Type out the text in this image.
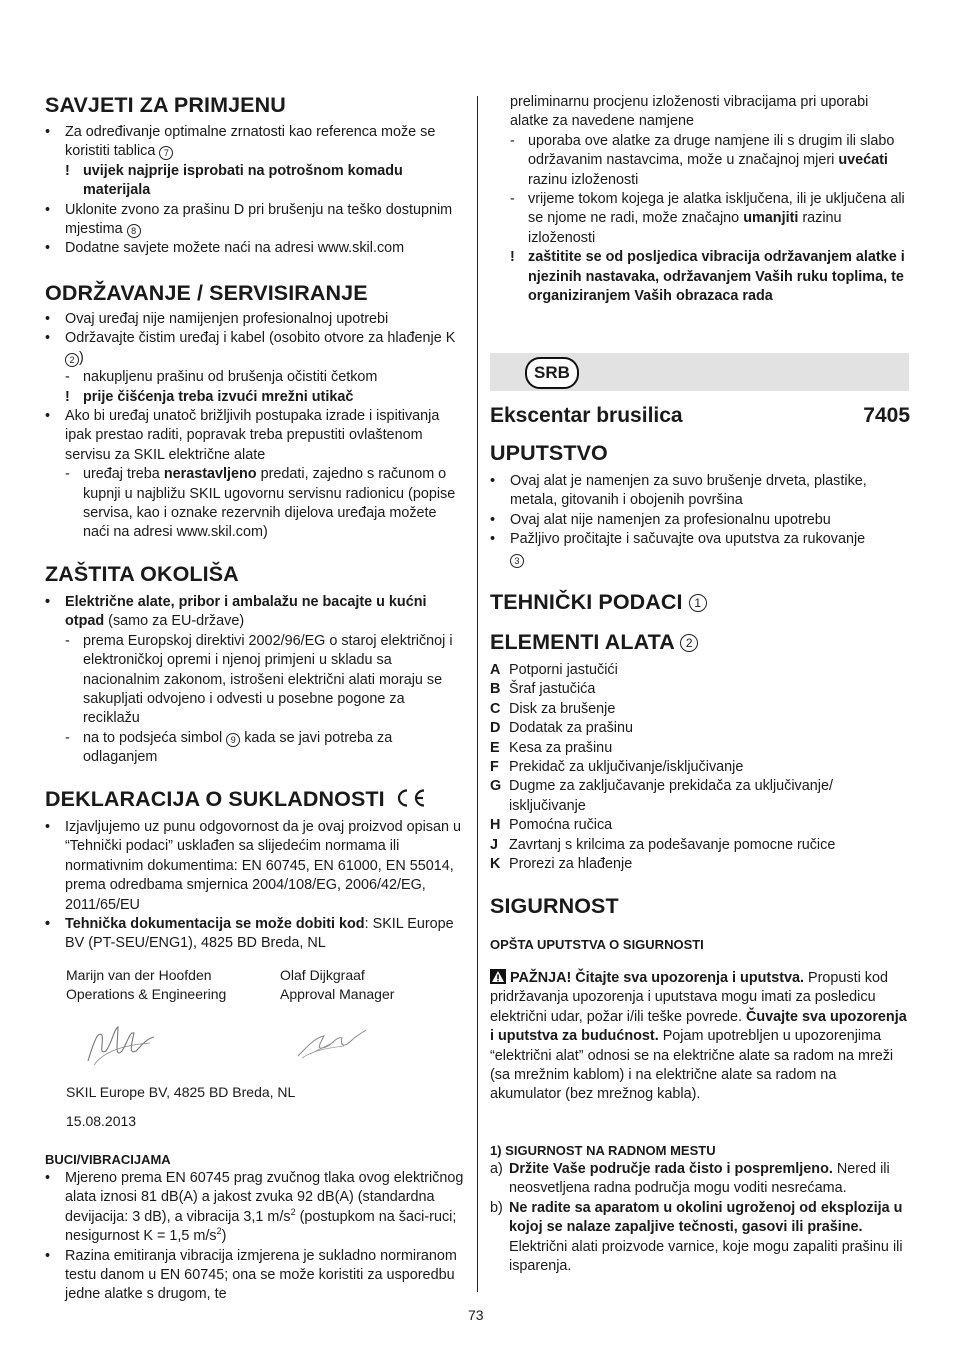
SAVJETI ZA PRIMJENU
• Za određivanje optimalne zrnatosti kao referenca može se koristiti tablica 7
! uvijek najprije isprobati na potrošnom komadu materijala
• Uklonite zvono za prašinu D pri brušenju na teško dostupnim mjestima 8
• Dodatne savjete možete naći na adresi www.skil.com
ODRŽAVANJE / SERVISIRANJE
• Ovaj uređaj nije namijenjen profesionalnoj upotrebi
• Održavajte čistim uređaj i kabel (osobito otvore za hlađenje K 2 )
- nakupljenu prašinu od brušenja očistiti četkom
! prije čišćenja treba izvući mrežni utikač
• Ako bi uređaj unatoč brižljivih postupaka izrade i ispitivanja ipak prestao raditi, popravak treba prepustiti ovlaštenom servisu za SKIL električne alate
- uređaj treba nerastavljeno predati, zajedno s računom o kupnji u najbližu SKIL ugovornu servisnu radionicu (popise servisa, kao i oznake rezervnih dijelova uređaja možete naći na adresi www.skil.com)
ZAŠTITA OKOLIŠA
• Električne alate, pribor i ambalažu ne bacajte u kućni otpad (samo za EU-države)
- prema Europskoj direktivi 2002/96/EG o staroj električnoj i elektroničkoj opremi i njenoj primjeni u skladu sa nacionalnim zakonom, istrošeni električni alati moraju se sakupljati odvojeno i odvesti u posebne pogone za reciklažu
- na to podsjeća simbol 9 kada se javi potreba za odlaganjem
DEKLARACIJA O SUKLADNOSTI
• Izjavljujemo uz punu odgovornost da je ovaj proizvod opisan u “Tehnički podaci” usklađen sa slijedećim normama ili normativnim dokumentima: EN 60745, EN 61000, EN 55014, prema odredbama smjernica 2004/108/EG, 2006/42/EG, 2011/65/EU
• Tehnička dokumentacija se može dobiti kod: SKIL Europe BV (PT-SEU/ENG1), 4825 BD Breda, NL
Marijn van der Hoofden
Operations & Engineering
Olaf Dijkgraaf
Approval Manager
SKIL Europe BV, 4825 BD Breda, NL
15.08.2013
BUCI/VIBRACIJAMA
• Mjereno prema EN 60745 prag zvučnog tlaka ovog električnog alata iznosi 81 dB(A) a jakost zvuka 92 dB(A) (standardna devijacija: 3 dB), a vibracija 3,1 $m/s^2$ (postupkom na šaci-ruci; nesigurnost K = 1,5 $m/s^2$)
• Razina emitiranja vibracija izmjerena je sukladno normiranom testu danom u EN 60745; ona se može koristiti za usporedbu jedne alatke s drugom, te
preliminarnu procjenu izloženosti vibracijama pri uporabi alatke za navedene namjene
- uporaba ove alatke za druge namjene ili s drugim ili slabo održavanim nastavcima, može u značajnoj mjeri uvećati razinu izloženosti
- vrijeme tokom kojega je alatka isključena, ili je uključena ali se njome ne radi, može značajno umanjiti razinu izloženosti
! zaštitite se od posljedica vibracija održavanjem alatke i njezinih nastavaka, održavanjem Vaših ruku toplima, te organiziranjem Vaših obrazaca rada
SRB
Ekscentar brusilica	7405
UPUTSTVO
• Ovaj alat je namenjen za suvo brušenje drveta, plastike, metala, gitovanih i obojenih površina
• Ovaj alat nije namenjen za profesionalnu upotrebu
• Pažljivo pročitajte i sačuvajte ova uputstva za rukovanje
3
TEHNIČKI PODACI 1
ELEMENTI ALATA 2
A Potporni jastučići
B Šraf jastučića
C Disk za brušenje
D Dodatak za prašinu
E Kesa za prašinu
F Prekidač za uključivanje/isključivanje
G Dugme za zaključavanje prekidača za uključivanje/ isključivanje
H Pomoćna ručica
J Zavrtanj s krilcima za podešavanje pomocne ručice
K Prorezi za hlađenje
SIGURNOST
OPŠTA UPUTSTVA O SIGURNOSTI
PAŽNJA! Čitajte sva upozorenja i uputstva. Propusti kod pridržavanja upozorenja i uputstava mogu imati za posledicu električni udar, požar i/ili teške povrede. Čuvajte sva upozorenja i uputstva za budućnost. Pojam upotrebljen u upozorenjima “električni alat” odnosi se na električne alate sa radom na mreži (sa mrežnim kablom) i na električne alate sa radom na akumulator (bez mrežnog kabla).
1) SIGURNOST NA RADNOM MESTU
a) Držite Vaše područje rada čisto i pospremljeno. Nered ili neosvetljena radna područja mogu voditi nesrećama.
b) Ne radite sa aparatom u okolini ugroženoj od eksplozija u kojoj se nalaze zapaljive tečnosti, gasovi ili prašine. Električni alati proizvode varnice, koje mogu zapaliti prašinu ili isparenja.
73
